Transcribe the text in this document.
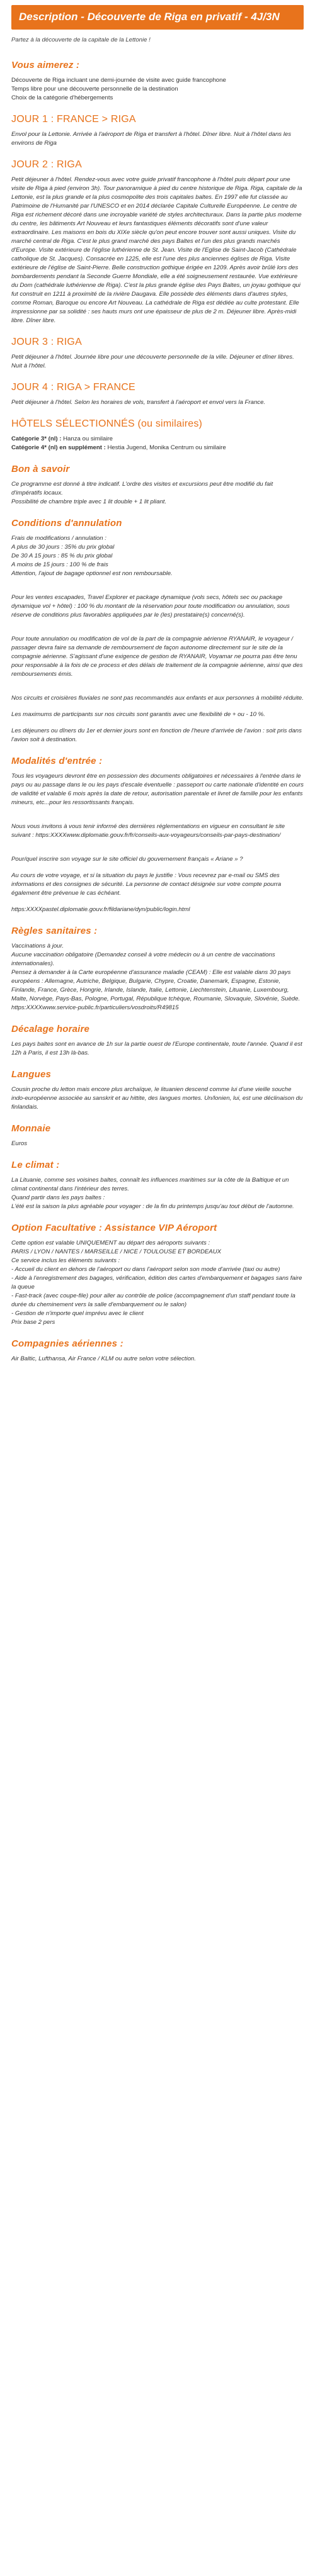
Description - Découverte de Riga en privatif - 4J/3N

Partez à la découverte de la capitale de la Lettonie !

Vous aimerez :
Découverte de Riga incluant une demi-journée de visite avec guide francophone
Temps libre pour une découverte personnelle de la destination
Choix de la catégorie d'hébergements
JOUR 1 : FRANCE > RIGA

Envol pour la Lettonie. Arrivée à l'aéroport de Riga et transfert à l'hôtel. Dîner libre. Nuit à l'hôtel dans les environs de Riga

JOUR 2 : RIGA

Petit déjeuner à l'hôtel. Rendez-vous avec votre guide privatif francophone à l'hôtel puis départ pour une visite de Riga à pied (environ 3h). Tour panoramique à pied du centre historique de Riga. Riga, capitale de la Lettonie, est la plus grande et la plus cosmopolite des trois capitales baltes. En 1997 elle fut classée au Patrimoine de l'Humanité par l'UNESCO et en 2014 déclarée Capitale Culturelle Européenne. Le centre de Riga est richement décoré dans une incroyable variété de styles architecturaux. Dans la partie plus moderne du centre, les bâtiments Art Nouveau et leurs fantastiques éléments décoratifs sont d'une valeur extraordinaire. Les maisons en bois du XIXe siècle qu'on peut encore trouver sont aussi uniques. Visite du marché central de Riga. C'est le plus grand marché des pays Baltes et l'un des plus grands marchés d'Europe. Visite extérieure de l'église luthérienne de St. Jean. Visite de l'Eglise de Saint-Jacob (Cathédrale catholique de St. Jacques). Consacrée en 1225, elle est l'une des plus anciennes églises de Riga. Visite extérieure de l'église de Saint-Pierre. Belle construction gothique érigée en 1209. Après avoir brûlé lors des bombardements pendant la Seconde Guerre Mondiale, elle a été soigneusement restaurée. Vue extérieure du Dom (cathédrale luthérienne de Riga). C'est la plus grande église des Pays Baltes, un joyau gothique qui fut construit en 1211 à proximité de la rivière Daugava. Elle possède des éléments dans d'autres styles, comme Roman, Baroque ou encore Art Nouveau. La cathédrale de Riga est dédiée au culte protestant. Elle impressionne par sa solidité : ses hauts murs ont une épaisseur de plus de 2 m. Déjeuner libre. Après-midi libre. Dîner libre.

JOUR 3 : RIGA

Petit déjeuner à l'hôtel. Journée libre pour une découverte personnelle de la ville. Déjeuner et dîner libres. Nuit à l'hôtel.

JOUR 4 : RIGA > FRANCE

Petit déjeuner à l'hôtel. Selon les horaires de vols, transfert à l'aéroport et envol vers la France.

HÔTELS SÉLECTIONNÉS (ou similaires)
Catégorie 3* (nl) : Hanza ou similaire
Catégorie 4* (nl) en supplément : Hestia Jugend, Monika Centrum ou similaire
Bon à savoir
Ce programme est donné à titre indicatif. L'ordre des visites et excursions peut être modifié du fait d'impératifs locaux.
Possibilité de chambre triple avec 1 lit double + 1 lit pliant.
Conditions d'annulation
Frais de modifications / annulation :
A plus de 30 jours : 35% du prix global
De 30 A 15 jours : 85 % du prix global
A moins de 15 jours : 100 % de frais
Attention, l'ajout de bagage optionnel est non remboursable.

Pour les ventes escapades, Travel Explorer et package dynamique (vols secs, hôtels sec ou package dynamique vol + hôtel) : 100 % du montant de la réservation pour toute modification ou annulation, sous réserve de conditions plus favorables appliquées par le (les) prestataire(s) concerné(s).

Pour toute annulation ou modification de vol de la part de la compagnie aérienne RYANAIR, le voyageur / passager devra faire sa demande de remboursement de façon autonome directement sur le site de la compagnie aérienne. S'agissant d'une exigence de gestion de RYANAIR, Voyamar ne pourra pas être tenu pour responsable à la fois de ce process et des délais de traitement de la compagnie aérienne, ainsi que des remboursements émis.

Nos circuits et croisières fluviales ne sont pas recommandés aux enfants et aux personnes à mobilité réduite.

Les maximums de participants sur nos circuits sont garantis avec une flexibilité de + ou - 10 %.

Les déjeuners ou dîners du 1er et dernier jours sont en fonction de l'heure d'arrivée de l'avion : soit pris dans l'avion soit à destination.

Modalités d'entrée :

Tous les voyageurs devront être en possession des documents obligatoires et nécessaires à l'entrée dans le pays ou au passage dans le ou les pays d'escale éventuelle : passeport ou carte nationale d'identité en cours de validité et valable 6 mois après la date de retour, autorisation parentale et livret de famille pour les enfants mineurs, etc...pour les ressortissants français.

Nous vous invitons à vous tenir informé des dernières réglementations en vigueur en consultant le site suivant : https:XXXXwww.diplomatie.gouv.fr/fr/conseils-aux-voyageurs/conseils-par-pays-destination/

Pour/quel inscrire son voyage sur le site officiel du gouvernement français « Ariane » ?

Au cours de votre voyage, et si la situation du pays le justifie : Vous recevrez par e-mail ou SMS des informations et des consignes de sécurité. La personne de contact désignée sur votre compte pourra également être prévenue le cas échéant.

https:XXXXpastel.diplomatie.gouv.fr/fildariane/dyn/public/login.html

Règles sanitaires :
Vaccinations à jour.
Aucune vaccination obligatoire (Demandez conseil à votre médecin ou à un centre de vaccinations internationales).
Pensez à demander à la Carte européenne d'assurance maladie (CEAM) : Elle est valable dans 30 pays européens : Allemagne, Autriche, Belgique, Bulgarie, Chypre, Croatie, Danemark, Espagne, Estonie, Finlande, France, Grèce, Hongrie, Irlande, Islande, Italie, Lettonie, Liechtenstein, Lituanie, Luxembourg, Malte, Norvège, Pays-Bas, Pologne, Portugal, République tchèque, Roumanie, Slovaquie, Slovénie, Suède.
https:XXXXwww.service-public.fr/particuliers/vosdroits/R49815
Décalage horaire

Les pays baltes sont en avance de 1h sur la partie ouest de l'Europe continentale, toute l'année. Quand il est 12h à Paris, il est 13h là-bas.

Langues

Cousin proche du letton mais encore plus archaïque, le lituanien descend comme lui d'une vieille souche indo-européenne associée au sanskrit et au hittite, des langues mortes. Un/lonien, lui, est une déclinaison du finlandais.

Monnaie

Euros

Le climat :
La Lituanie, comme ses voisines baltes, connaît les influences maritimes sur la côte de la Baltique et un climat continental dans l'intérieur des terres.
Quand partir dans les pays baltes :
L'été est la saison la plus agréable pour voyager : de la fin du printemps jusqu'au tout début de l'automne.
Option Facultative : Assistance VIP Aéroport
Cette option est valable UNIQUEMENT au départ des aéroports suivants :
PARIS / LYON / NANTES / MARSEILLE / NICE / TOULOUSE ET BORDEAUX
Ce service inclus les éléments suivants :
- Accueil du client en dehors de l'aéroport ou dans l'aéroport selon son mode d'arrivée (taxi ou autre)
- Aide à l'enregistrement des bagages, vérification, édition des cartes d'embarquement et bagages sans faire la queue
- Fast-track (avec coupe-file) pour aller au contrôle de police (accompagnement d'un staff pendant toute la durée du cheminement vers la salle d'embarquement ou le salon)
- Gestion de n'importe quel imprévu avec le client
Prix base 2 pers
Compagnies aériennes :

Air Baltic, Lufthansa, Air France / KLM ou autre selon votre sélection.
